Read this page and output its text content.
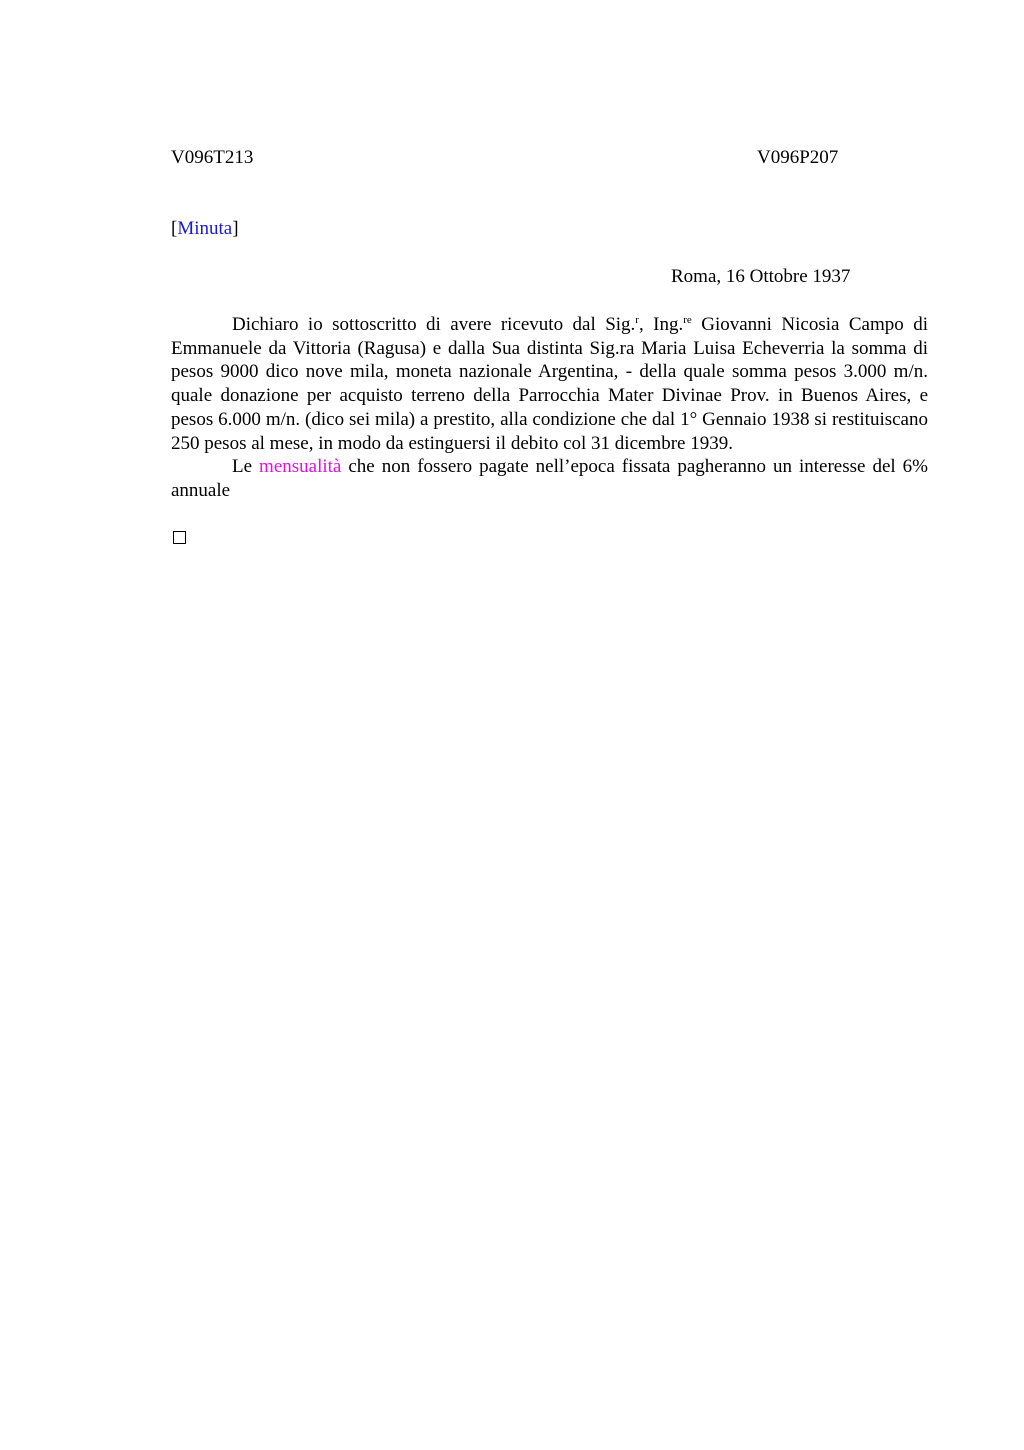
V096T213	V096P207
[Minuta]
Roma, 16 Ottobre 1937

Dichiaro io sottoscritto di avere ricevuto dal Sig.$^r$, Ing.$^{re}$ Giovanni Nicosia Campo di Emmanuele da Vittoria (Ragusa) e dalla Sua distinta Sig.ra Maria Luisa Echeverria la somma di pesos 9000 dico nove mila, moneta nazionale Argentina, - della quale somma pesos 3.000 m/n. quale donazione per acquisto terreno della Parrocchia Mater Divinae Prov. in Buenos Aires, e pesos 6.000 m/n. (dico sei mila) a prestito, alla condizione che dal 1° Gennaio 1938 si restituiscano 250 pesos al mese, in modo da estinguersi il debito col 31 dicembre 1939.

Le mensualità che non fossero pagate nell’epoca fissata pagheranno un interesse del 6% annuale
